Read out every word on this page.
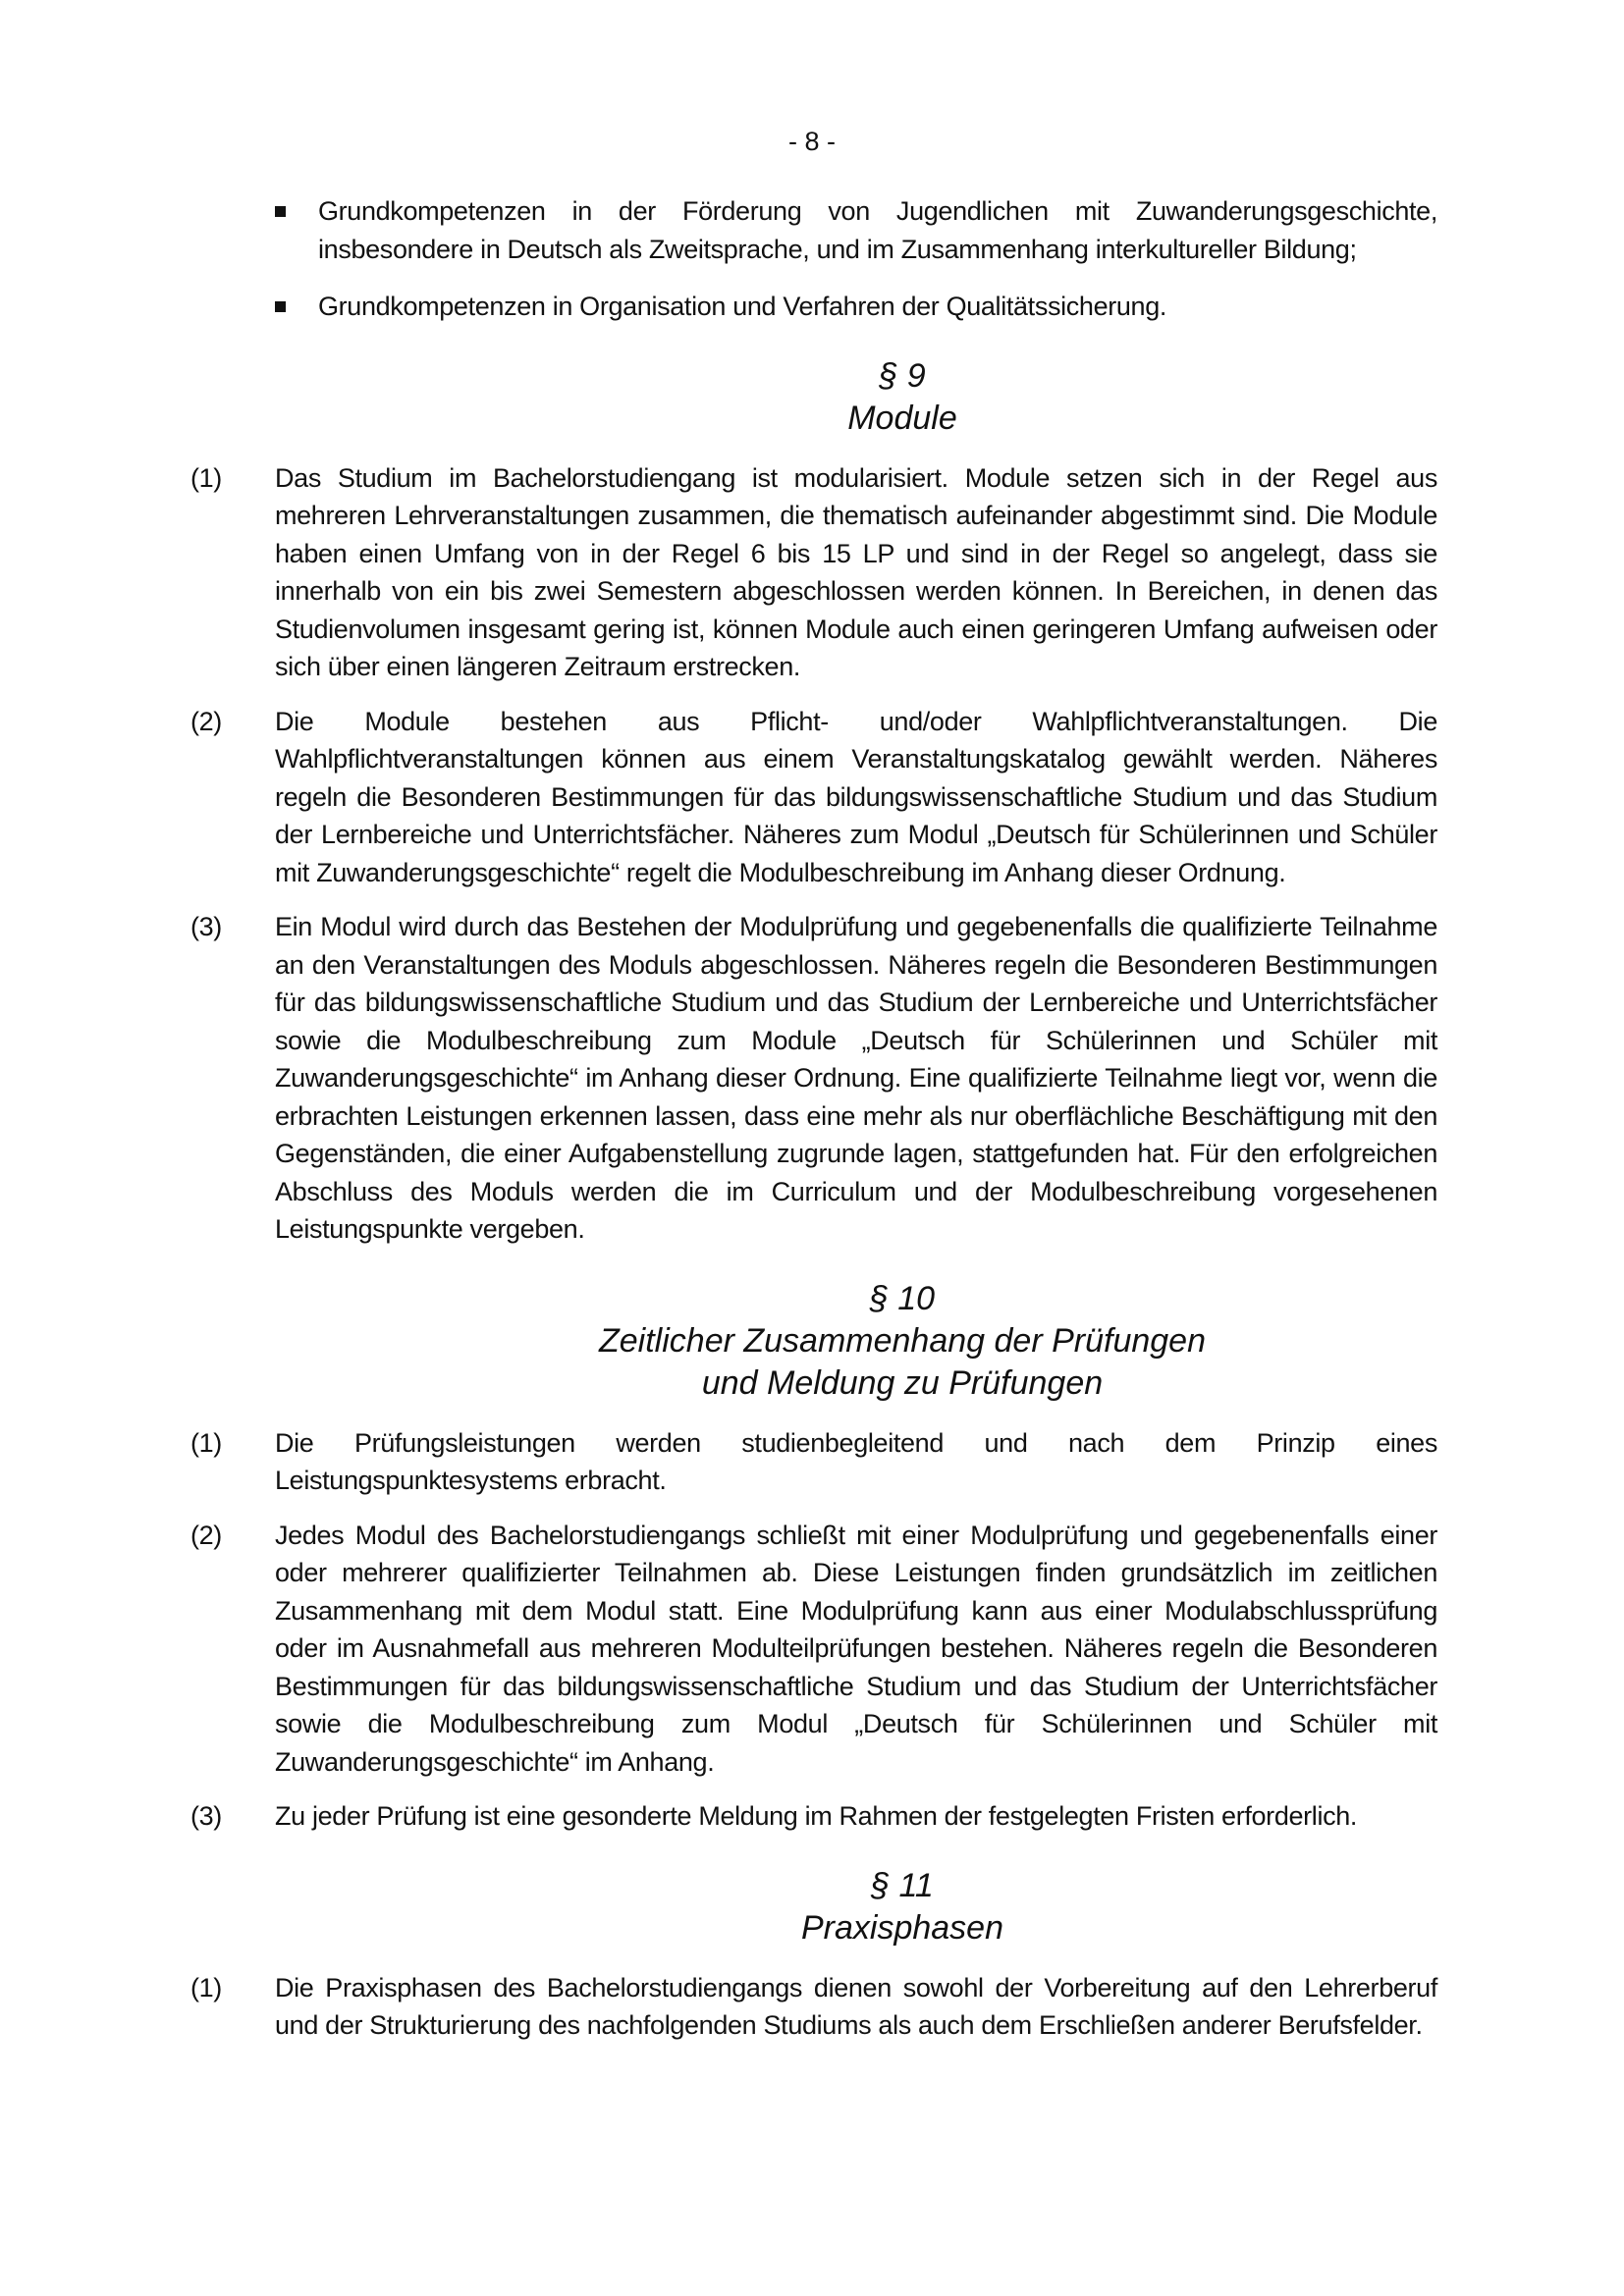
- 8 -
Grundkompetenzen in der Förderung von Jugendlichen mit Zuwanderungsgeschichte, insbesondere in Deutsch als Zweitsprache, und im Zusammenhang interkultureller Bildung;
Grundkompetenzen in Organisation und Verfahren der Qualitätssicherung.
§ 9
Module
(1) Das Studium im Bachelorstudiengang ist modularisiert. Module setzen sich in der Regel aus mehreren Lehrveranstaltungen zusammen, die thematisch aufeinander abgestimmt sind. Die Module haben einen Umfang von in der Regel 6 bis 15 LP und sind in der Regel so angelegt, dass sie innerhalb von ein bis zwei Semestern abgeschlossen werden können. In Bereichen, in denen das Studienvolumen insgesamt gering ist, können Module auch einen geringeren Umfang aufweisen oder sich über einen längeren Zeitraum erstrecken.
(2) Die Module bestehen aus Pflicht- und/oder Wahlpflichtveranstaltungen. Die Wahlpflichtveranstaltungen können aus einem Veranstaltungskatalog gewählt werden. Näheres regeln die Besonderen Bestimmungen für das bildungswissenschaftliche Studium und das Studium der Lernbereiche und Unterrichtsfächer. Näheres zum Modul „Deutsch für Schülerinnen und Schüler mit Zuwanderungsgeschichte“ regelt die Modulbeschreibung im Anhang dieser Ordnung.
(3) Ein Modul wird durch das Bestehen der Modulprüfung und gegebenenfalls die qualifizierte Teilnahme an den Veranstaltungen des Moduls abgeschlossen. Näheres regeln die Besonderen Bestimmungen für das bildungswissenschaftliche Studium und das Studium der Lernbereiche und Unterrichtsfächer sowie die Modulbeschreibung zum Module „Deutsch für Schülerinnen und Schüler mit Zuwanderungsgeschichte“ im Anhang dieser Ordnung. Eine qualifizierte Teilnahme liegt vor, wenn die erbrachten Leistungen erkennen lassen, dass eine mehr als nur oberflächliche Beschäftigung mit den Gegenständen, die einer Aufgabenstellung zugrunde lagen, stattgefunden hat. Für den erfolgreichen Abschluss des Moduls werden die im Curriculum und der Modulbeschreibung vorgesehenen Leistungspunkte vergeben.
§ 10
Zeitlicher Zusammenhang der Prüfungen
und Meldung zu Prüfungen
(1) Die Prüfungsleistungen werden studienbegleitend und nach dem Prinzip eines Leistungspunktesystems erbracht.
(2) Jedes Modul des Bachelorstudiengangs schließt mit einer Modulprüfung und gegebenenfalls einer oder mehrerer qualifizierter Teilnahmen ab. Diese Leistungen finden grundsätzlich im zeitlichen Zusammenhang mit dem Modul statt. Eine Modulprüfung kann aus einer Modulabschlussprüfung oder im Ausnahmefall aus mehreren Modulteilprüfungen bestehen. Näheres regeln die Besonderen Bestimmungen für das bildungswissenschaftliche Studium und das Studium der Unterrichtsfächer sowie die Modulbeschreibung zum Modul „Deutsch für Schülerinnen und Schüler mit Zuwanderungsgeschichte“ im Anhang.
(3) Zu jeder Prüfung ist eine gesonderte Meldung im Rahmen der festgelegten Fristen erforderlich.
§ 11
Praxisphasen
(1) Die Praxisphasen des Bachelorstudiengangs dienen sowohl der Vorbereitung auf den Lehrerberuf und der Strukturierung des nachfolgenden Studiums als auch dem Erschließen anderer Berufsfelder.
